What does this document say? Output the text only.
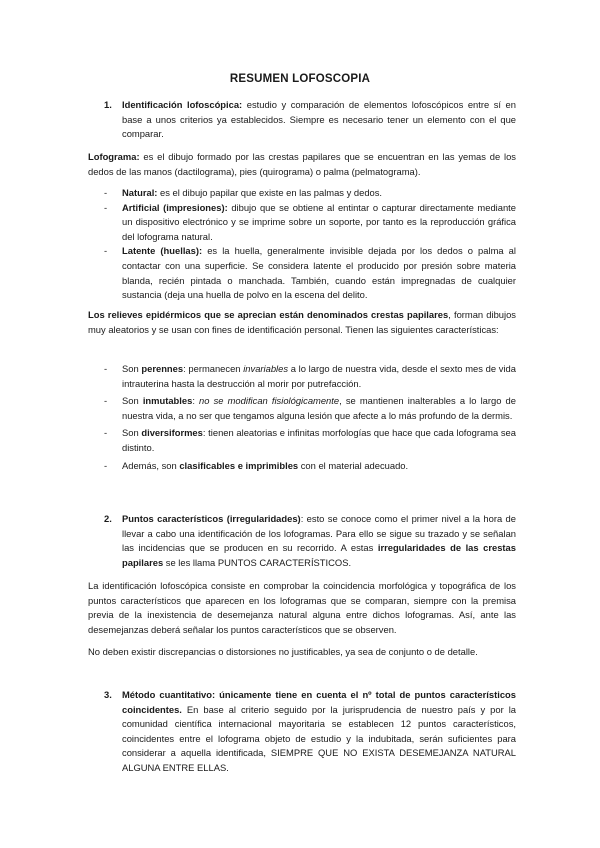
RESUMEN LOFOSCOPIA
1. Identificación lofoscópica: estudio y comparación de elementos lofoscópicos entre sí en base a unos criterios ya establecidos. Siempre es necesario tener un elemento con el que comparar.
Lofograma: es el dibujo formado por las crestas papilares que se encuentran en las yemas de los dedos de las manos (dactilograma), pies (quirograma) o palma (pelmatograma).
- Natural: es el dibujo papilar que existe en las palmas y dedos.
- Artificial (impresiones): dibujo que se obtiene al entintar o capturar directamente mediante un dispositivo electrónico y se imprime sobre un soporte, por tanto es la reproducción gráfica del lofograma natural.
- Latente (huellas): es la huella, generalmente invisible dejada por los dedos o palma al contactar con una superficie. Se considera latente el producido por presión sobre materia blanda, recién pintada o manchada. También, cuando están impregnadas de cualquier sustancia (deja una huella de polvo en la escena del delito.
Los relieves epidérmicos que se aprecian están denominados crestas papilares, forman dibujos muy aleatorios y se usan con fines de identificación personal. Tienen las siguientes características:
- Son perennes: permanecen invariables a lo largo de nuestra vida, desde el sexto mes de vida intrauterina hasta la destrucción al morir por putrefacción.
- Son inmutables: no se modifican fisiológicamente, se mantienen inalterables a lo largo de nuestra vida, a no ser que tengamos alguna lesión que afecte a lo más profundo de la dermis.
- Son diversiformes: tienen aleatorias e infinitas morfologías que hace que cada lofograma sea distinto.
- Además, son clasificables e imprimibles con el material adecuado.
2. Puntos característicos (irregularidades): esto se conoce como el primer nivel a la hora de llevar a cabo una identificación de los lofogramas. Para ello se sigue su trazado y se señalan las incidencias que se producen en su recorrido. A estas irregularidades de las crestas papilares se les llama PUNTOS CARACTERÍSTICOS.
La identificación lofoscópica consiste en comprobar la coincidencia morfológica y topográfica de los puntos característicos que aparecen en los lofogramas que se comparan, siempre con la premisa previa de la inexistencia de desemejanza natural alguna entre dichos lofogramas. Así, ante las desemejanzas deberá señalar los puntos característicos que se observen.
No deben existir discrepancias o distorsiones no justificables, ya sea de conjunto o de detalle.
3. Método cuantitativo: únicamente tiene en cuenta el nº total de puntos característicos coincidentes. En base al criterio seguido por la jurisprudencia de nuestro país y por la comunidad científica internacional mayoritaria se establecen 12 puntos característicos, coincidentes entre el lofograma objeto de estudio y la indubitada, serán suficientes para considerar a aquella identificada, SIEMPRE QUE NO EXISTA DESEMEJANZA NATURAL ALGUNA ENTRE ELLAS.
